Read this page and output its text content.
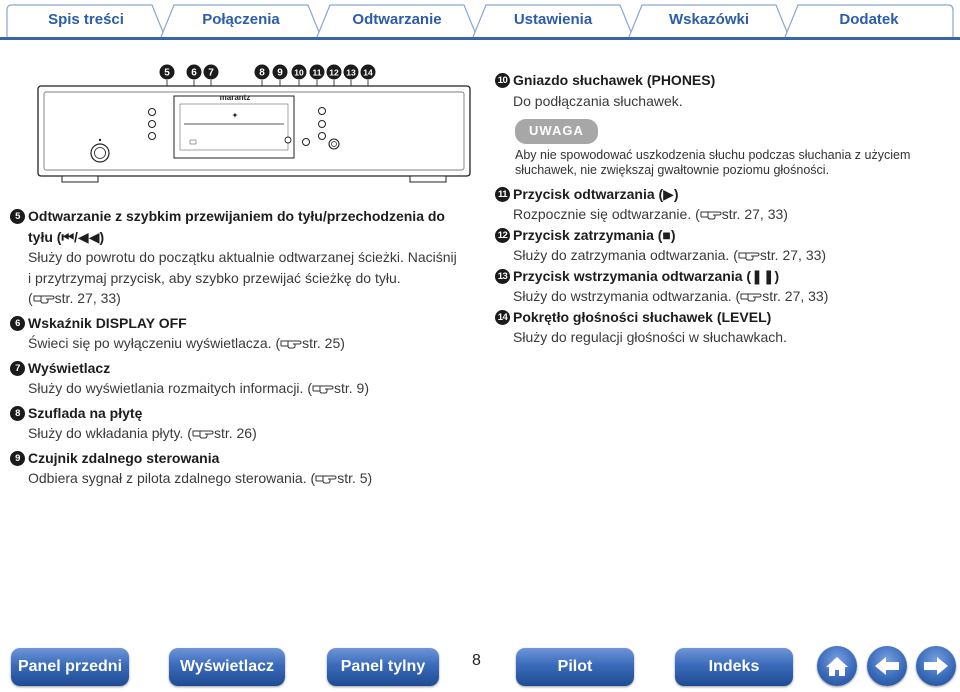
Spis treści	Połączenia	Odtwarzanie	Ustawienia	Wskazówki	Dodatek
5 6 7	8 9 10 11 12 13 14
marantz
✦
5 Odtwarzanie z szybkim przewijaniem do tyłu/przechodzenia do tyłu (⏮/◀◀)
Służy do powrotu do początku aktualnie odtwarzanej ścieżki. Naciśnij i przytrzymaj przycisk, aby szybko przewijać ścieżkę do tyłu.
( str. 27, 33)
6 Wskaźnik DISPLAY OFF
Świeci się po wyłączeniu wyświetlacza. ( str. 25)
7 Wyświetlacz
Służy do wyświetlania rozmaitych informacji. ( str. 9)
8 Szuflada na płytę
Służy do wkładania płyty. ( str. 26)
9 Czujnik zdalnego sterowania
Odbiera sygnał z pilota zdalnego sterowania. ( str. 5)
10 Gniazdo słuchawek (PHONES)
Do podłączania słuchawek.
UWAGA
Aby nie spowodować uszkodzenia słuchu podczas słuchania z użyciem słuchawek, nie zwiększaj gwałtownie poziomu głośności.
11 Przycisk odtwarzania (▶)
Rozpocznie się odtwarzanie. ( str. 27, 33)
12 Przycisk zatrzymania (■)
Służy do zatrzymania odtwarzania. ( str. 27, 33)
13 Przycisk wstrzymania odtwarzania (❚❚)
Służy do wstrzymania odtwarzania. ( str. 27, 33)
14 Pokrętło głośności słuchawek (LEVEL)
Służy do regulacji głośności w słuchawkach.
Panel przedni	Wyświetlacz	Panel tylny	8	Pilot	Indeks
